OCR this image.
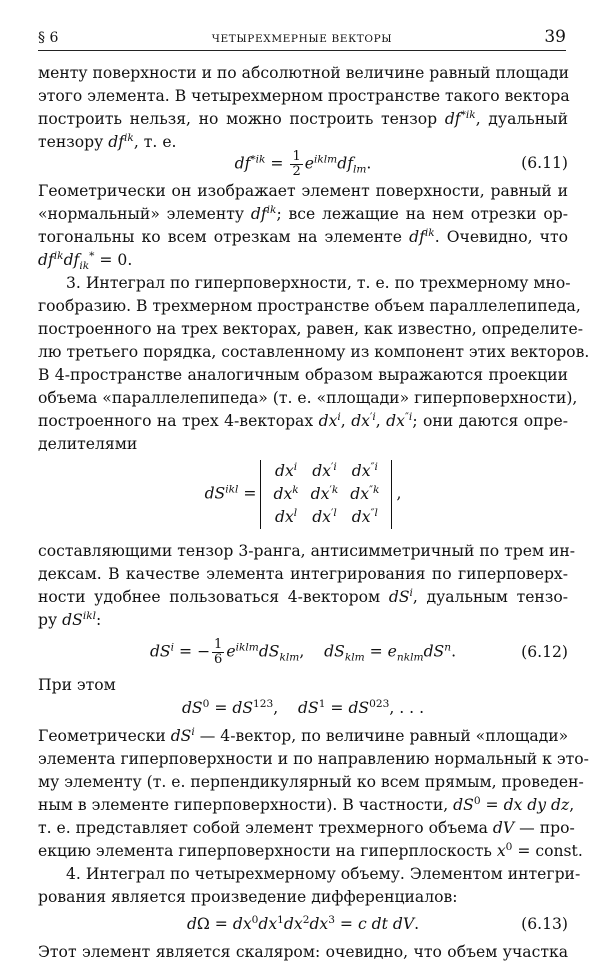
§ 6	ЧЕТЫРЕХМЕРНЫЕ ВЕКТОРЫ	39
менту поверхности и по абсолютной величине равный площади
этого элемента. В четырехмерном пространстве такого вектора
построить нельзя, но можно построить тензор $df^{*ik}$, дуальный
тензору $df^{ik}$, т. е.
$df^{*ik} = \frac{1}{2} e^{iklm}df_{lm}$.	(6.11)
Геометрически он изображает элемент поверхности, равный и
«нормальный» элементу $df^{ik}$; все лежащие на нем отрезки ор-
тогональны ко всем отрезкам на элементе $df^{ik}$. Очевидно, что
$df^{ik}df_{ik}^* = 0$.
3. Интеграл по гиперповерхности, т. е. по трехмерному мно-
гообразию. В трехмерном пространстве объем параллелепипеда,
построенного на трех векторах, равен, как известно, определите-
лю третьего порядка, составленному из компонент этих векторов.
В 4-пространстве аналогичным образом выражаются проекции
объема «параллелепипеда» (т. е. «площади» гиперповерхности),
построенного на трех 4-векторах $dx^i$, $dx^{'i}$, $dx^{''i}$; они даются опре-
делителями
$dS^{ikl}$ =
$dx^i$	$dx^{'i}$	$dx^{''i}$
$dx^k$	$dx^{'k}$	$dx^{''k}$
$dx^l$	$dx^{'l}$	$dx^{''l}$
,
составляющими тензор 3-ранга, антисимметричный по трем ин-
дексам. В качестве элемента интегрирования по гиперповерх-
ности удобнее пользоваться 4-вектором $dS^i$, дуальным тензо-
ру $dS^{ikl}$:
$dS^i$ = − $\frac{1}{6} e^{iklm}dS_{klm}$,    $dS_{klm} = e_{nklm}dS^n$.	(6.12)
При этом
$dS^0 = dS^{123}$,    $dS^1 = dS^{023}$, . . .
Геометрически $dS^i$ — 4-вектор, по величине равный «площади»
элемента гиперповерхности и по направлению нормальный к это-
му элементу (т. е. перпендикулярный ко всем прямым, проведен-
ным в элементе гиперповерхности). В частности, $dS^0$ = dx dy dz,
т. е. представляет собой элемент трехмерного объема dV — про-
екцию элемента гиперповерхности на гиперплоскость $x^0$ = const.
4. Интеграл по четырехмерному объему. Элементом интегри-
рования является произведение дифференциалов:
$d\Omega = dx^0dx^1dx^2dx^3 = c$ dt dV.	(6.13)
Этот элемент является скаляром: очевидно, что объем участка
